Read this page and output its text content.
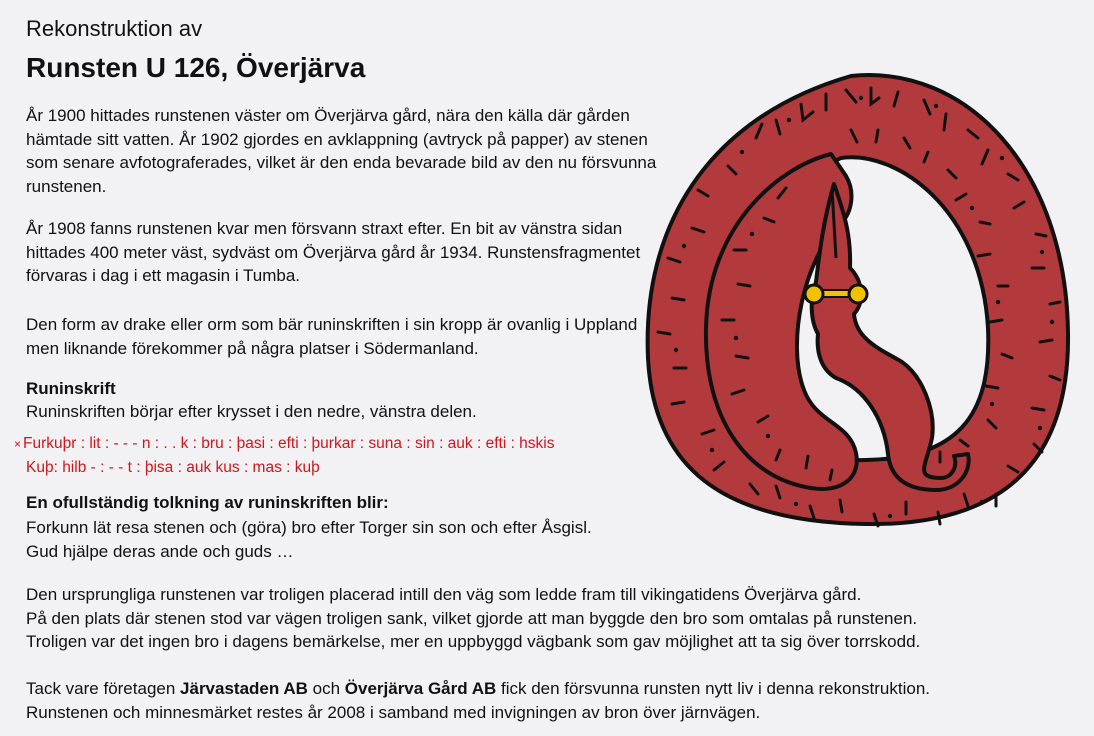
Rekonstruktion av
Runsten U 126, Överjärva

År 1900 hittades runstenen väster om Överjärva gård, nära den källa där gården hämtade sitt vatten. År 1902 gjordes en avklappning (avtryck på papper) av stenen som senare avfotograferades, vilket är den enda bevarade bild av den nu försvunna runstenen.

År 1908 fanns runstenen kvar men försvann straxt efter. En bit av vänstra sidan hittades 400 meter väst, sydväst om Överjärva gård år 1934. Runstensfragmentet förvaras i dag i ett magasin i Tumba.

Den form av drake eller orm som bär runinskriften i sin kropp är ovanlig i Uppland men liknande förekommer på några platser i Södermanland.

Runinskrift
Runinskriften börjar efter krysset i den nedre, vänstra delen.
× Furkuþr : lit : - - - n : . . k : bru : þasi : efti : þurkar : suna : sin : auk : efti : hskis
Kuþ: hilb - : - - t : þisa : auk kus : mas : kuþ
En ofullständig tolkning av runinskriften blir:

Forkunn lät resa stenen och (göra) bro efter Torger sin son och efter Åsgisl.
Gud hjälpe deras ande och guds …

Den ursprungliga runstenen var troligen placerad intill den väg som ledde fram till vikingatidens Överjärva gård.
På den plats där stenen stod var vägen troligen sank, vilket gjorde att man byggde den bro som omtalas på runstenen.
Troligen var det ingen bro i dagens bemärkelse, mer en uppbyggd vägbank som gav möjlighet att ta sig över torrskodd.

Tack vare företagen Järvastaden AB och Överjärva Gård AB fick den försvunna runsten nytt liv i denna rekonstruktion.
Runstenen och minnesmärket restes år 2008 i samband med invigningen av bron över järnvägen.
